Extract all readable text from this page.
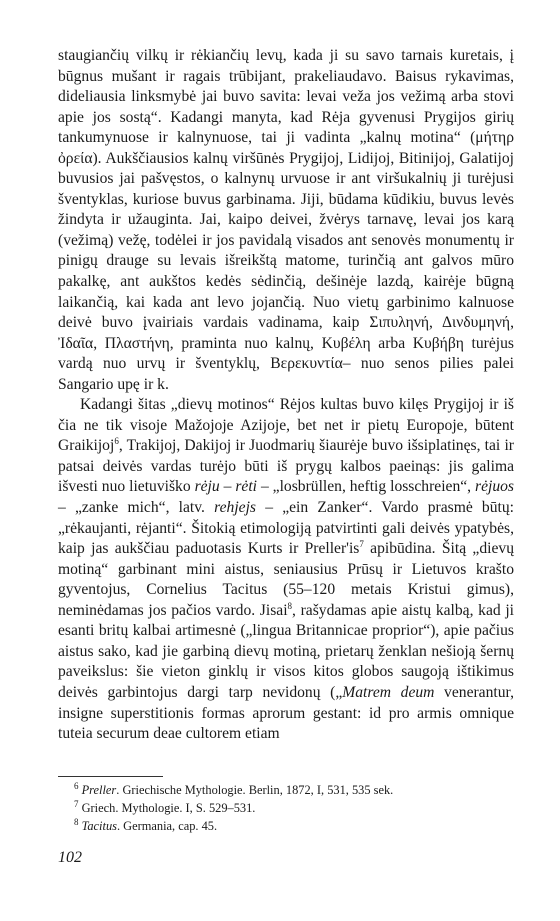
staugiančių vilkų ir rėkiančių levų, kada ji su savo tarnais kuretais, į būgnus mušant ir ragais trūbijant, prakeliaudavo. Baisus rykavimas, dideliausia linksmybė jai buvo savita: levai veža jos vežimą arba stovi apie jos sostą“. Kadangi manyta, kad Rėja gyvenusi Prygijos girių tankumynuose ir kalnynuose, tai ji vadinta „kalnų motina“ (μήτηρ ὀρεία). Aukščiausios kalnų viršūnės Prygijoj, Lidijoj, Bitinijoj, Galatijoj buvusios jai pašvęstos, o kalnynų urvuose ir ant viršukalnių ji turėjusi šventyklas, kuriose buvus garbinama. Jiji, būdama kūdikiu, buvus levės žindyta ir užauginta. Jai, kaipo deivei, žvėrys tarnavę, levai jos karą (vežimą) vežę, todėlei ir jos pavidalą visados ant senovės monumentų ir pinigų drauge su levais išreikštą matome, turinčią ant galvos mūro pakalkę, ant aukštos kedės sėdinčią, dešinėje lazdą, kairėje būgną laikančią, kai kada ant levo jojančią. Nuo vietų garbinimo kalnuose deivė buvo įvairiais vardais vadinama, kaip Σιπυληνή, Δινδυμηνή, Ἰδαῖα, Πλαστήνη, praminta nuo kalnų, Κυβέλη arba Κυβήβη turėjus vardą nuo urvų ir šventyklų, Βερεκυντία– nuo senos pilies palei Sangario upę ir k.

Kadangi šitas „dievų motinos“ Rėjos kultas buvo kilęs Prygijoj ir iš čia ne tik visoje Mažojoje Azijoje, bet net ir pietų Europoje, būtent Graikijoj$^6$, Trakijoj, Dakijoj ir Juodmarių šiaurėje buvo išsiplatinęs, tai ir patsai deivės vardas turėjo būti iš prygų kalbos paeinąs: jis galima išvesti nuo lietuviško rėju – rėti – „losbrüllen, heftig losschreien“, rėjuos – „zanke mich“, latv. rehjejs – „ein Zanker“. Vardo prasmė būtų: „rėkaujanti, rėjanti“. Šitokią etimologiją patvirtinti gali deivės ypatybės, kaip jas aukščiau paduotasis Kurts ir $Preller'is^7$ apibūdina. Šitą „dievų motiną“ garbinant mini aistus, seniausius Prūsų ir Lietuvos krašto gyventojus, Cornelius Tacitus (55–120 metais Kristui gimus), neminėdamas jos pačios vardo. Jisai$^8$, rašydamas apie aistų kalbą, kad ji esanti britų kalbai artimesnė („lingua Britannicae proprior“), apie pačius aistus sako, kad jie garbiną dievų motiną, prietarų ženklan nešioją šernų paveikslus: šie vieton ginklų ir visos kitos globos saugoją ištikimus deivės garbintojus dargi tarp nevidonų („Matrem deum venerantur, insigne superstitionis formas aprorum gestant: id pro armis omnique tuteia securum deae cultorem etiam

$^6$ Preller. Griechische Mythologie. Berlin, 1872, I, 531, 535 sek.

$^7$ Griech. Mythologie. I, S. 529–531.

$^8$ Tacitus. Germania, cap. 45.

102
